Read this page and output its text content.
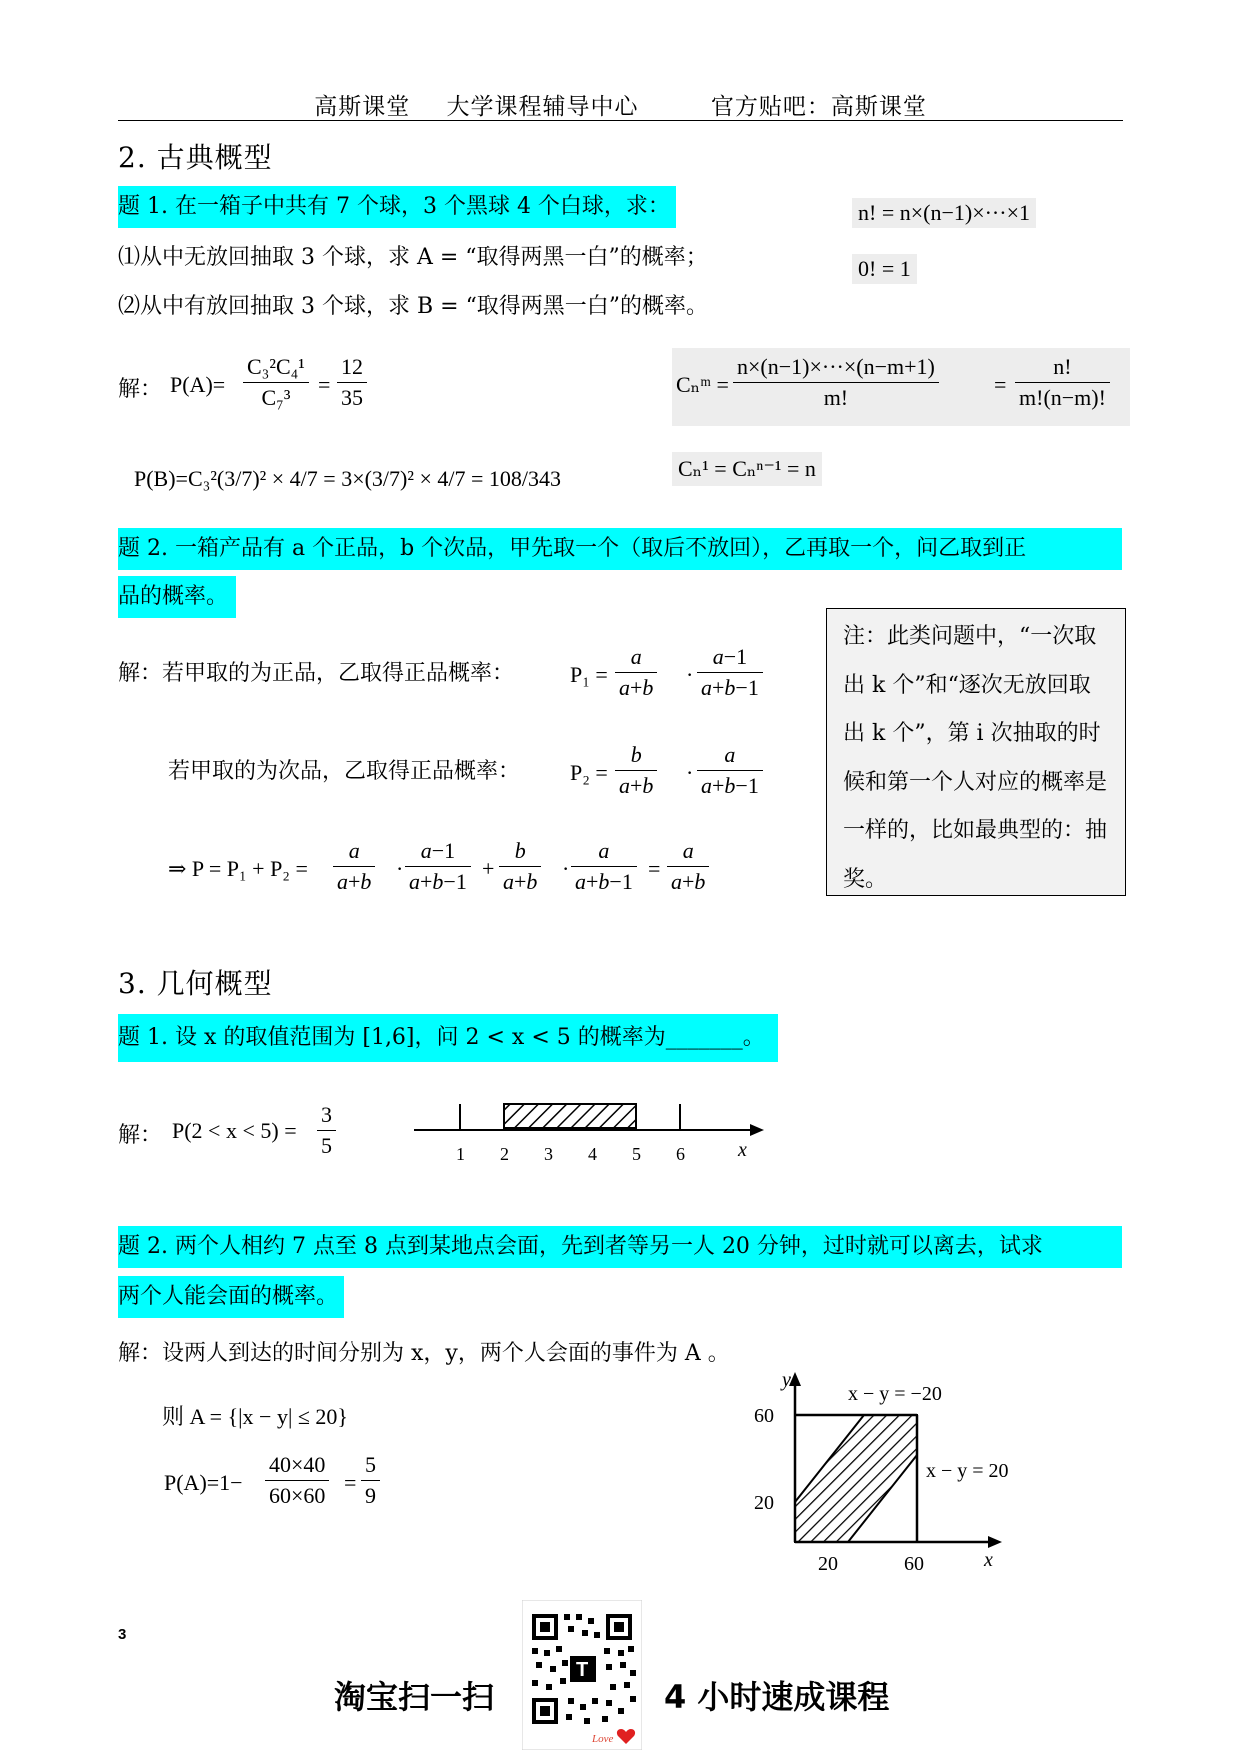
高斯课堂 大学课程辅导中心	官方贴吧：高斯课堂
2. 古典概型
题 1. 在一箱子中共有 7 个球，3 个黑球 4 个白球，求：
⑴从中无放回抽取 3 个球，求 A = “取得两黑一白”的概率；
⑵从中有放回抽取 3 个球，求 B = “取得两黑一白”的概率。
n! = n×(n−1)×···×1
0! = 1
Cₙᵐ = $\frac{n\times(n-1)\times\cdot\cdot\cdot\times(n-m+1)}{m!}$	= $\frac{n!}{m!(n-m)!}$
Cₙ¹ = Cₙⁿ⁻¹ = n
解： $P(A)= \frac{\text{C₃²C₄¹}}{\text{C₇³}} = \frac{12}{35}$
P(B)=C₃²(3/7)² × 4/7 = 3×(3/7)² × 4/7 = 108/343
题 2. 一箱产品有 a 个正品，b 个次品，甲先取一个（取后不放回），乙再取一个，问乙取到正
品的概率。
解：若甲取的为正品，乙取得正品概率：	$P_1 = \frac{a}{a+b} \cdot \frac{a-1}{a+b-1}$
若甲取的为次品，乙取得正品概率： $P_2 = \frac{b}{a+b} \cdot \frac{a}{a+b-1}$
⇒ $P = P_1 + P_2 = \frac{a}{a+b} \cdot \frac{a-1}{a+b-1} + \frac{b}{a+b} \cdot \frac{a}{a+b-1} = \frac{a}{a+b}$
注：此类问题中，“一次取出 k 个”和“逐次无放回取出 k 个”，第 i 次抽取的时候和第一个人对应的概率是一样的，比如最典型的：抽奖。
3. 几何概型
题 1. 设 x 的取值范围为 [1,6]，问 2 < x < 5 的概率为_______。
解： $P(2 < x < 5) = \frac{3}{5}$	1 2 3 4 5 6	x
题 2. 两个人相约 7 点至 8 点到某地点会面，先到者等另一人 20 分钟，过时就可以离去，试求
两个人能会面的概率。
解：设两人到达的时间分别为 x，y，两个人会面的事件为 A 。
则 A = {|x − y| ≤ 20}
$P(A)=1- \frac{40\times 40}{60\times 60} = \frac{5}{9}$
y
x
x − y = −20
x − y = 20
60
20
20	60
3
淘宝扫一扫
T
Love
4 小时速成课程
